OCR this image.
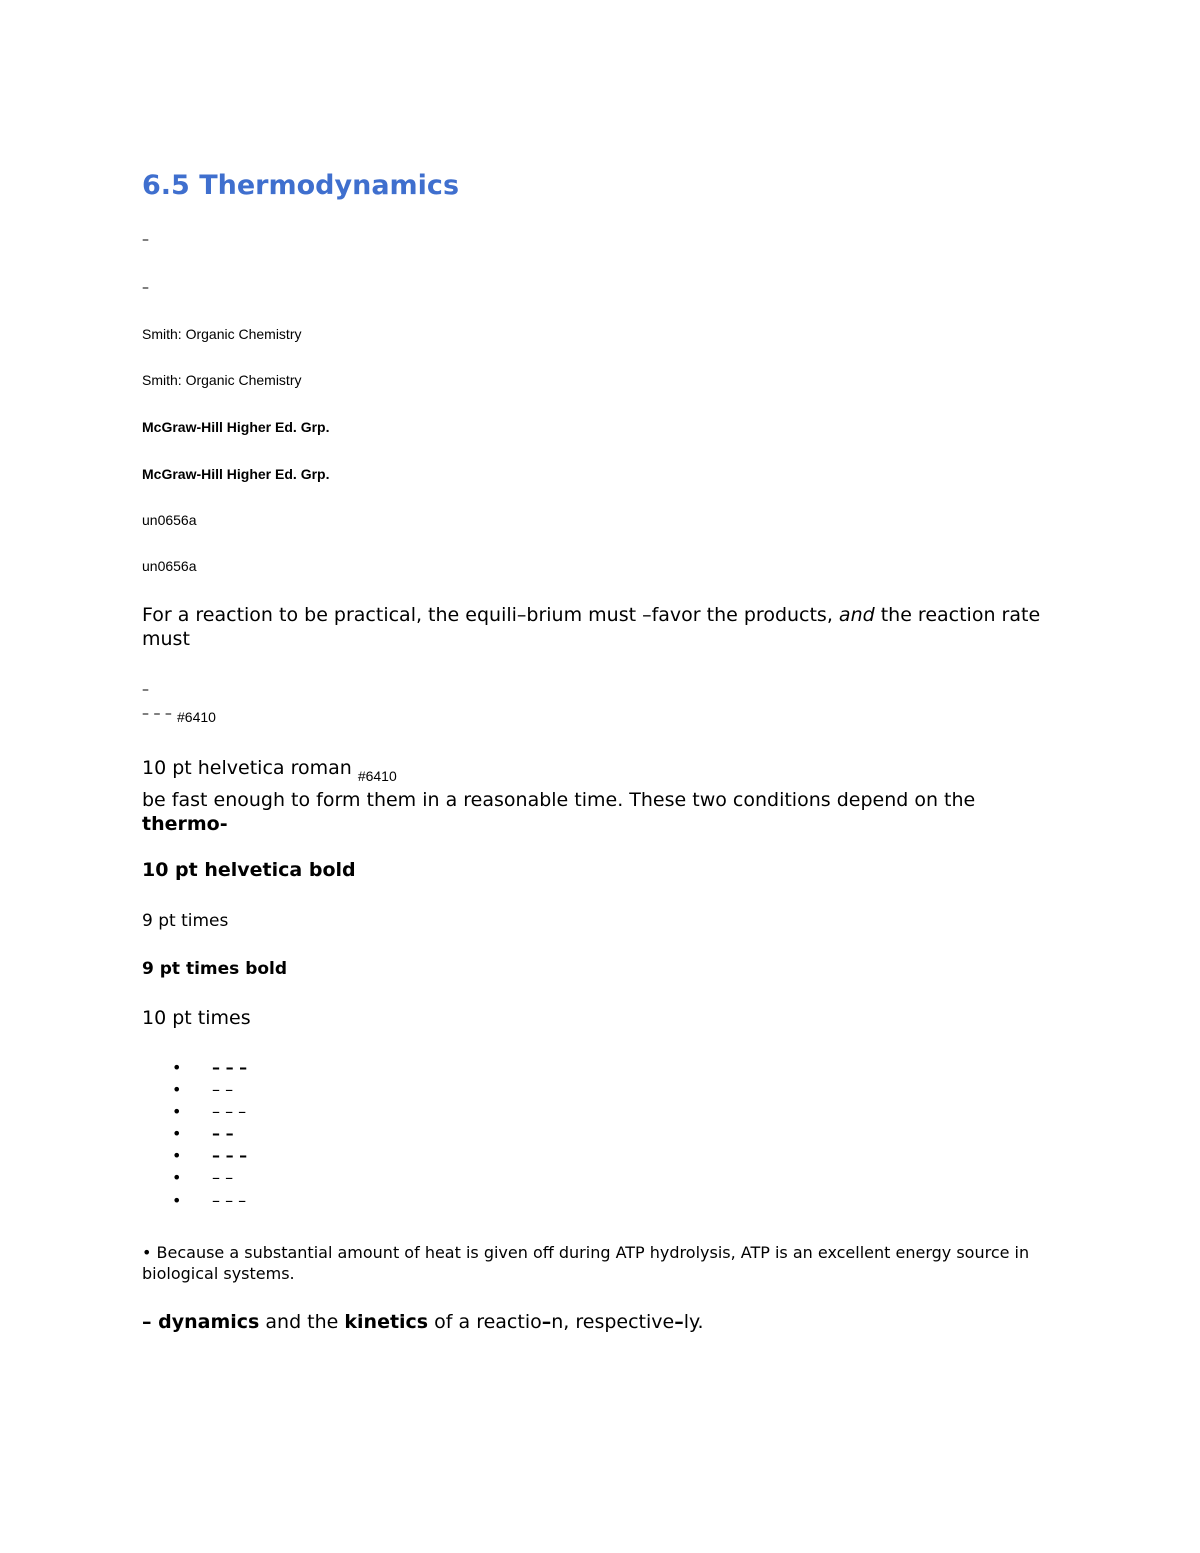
6.5 Thermodynamics
–
–
Smith: Organic Chemistry
Smith: Organic Chemistry
McGraw-Hill Higher Ed. Grp.
McGraw-Hill Higher Ed. Grp.
un0656a
un0656a
For a reaction to be practical, the equili–brium must –favor the products, and the reaction rate must
–
– – – #6410
10 pt helvetica roman $_{\#6410}$
be fast enough to form them in a reasonable time. These two conditions depend on the thermo-
10 pt helvetica bold
9 pt times
9 pt times bold
10 pt times
• – – –
• – –
• – – –
• – –
• – – –
• – –
• – – –
• Because a substantial amount of heat is given off during ATP hydrolysis, ATP is an excellent energy source in biological systems.
– dynamics and the kinetics of a reactio–n, respective–ly.
